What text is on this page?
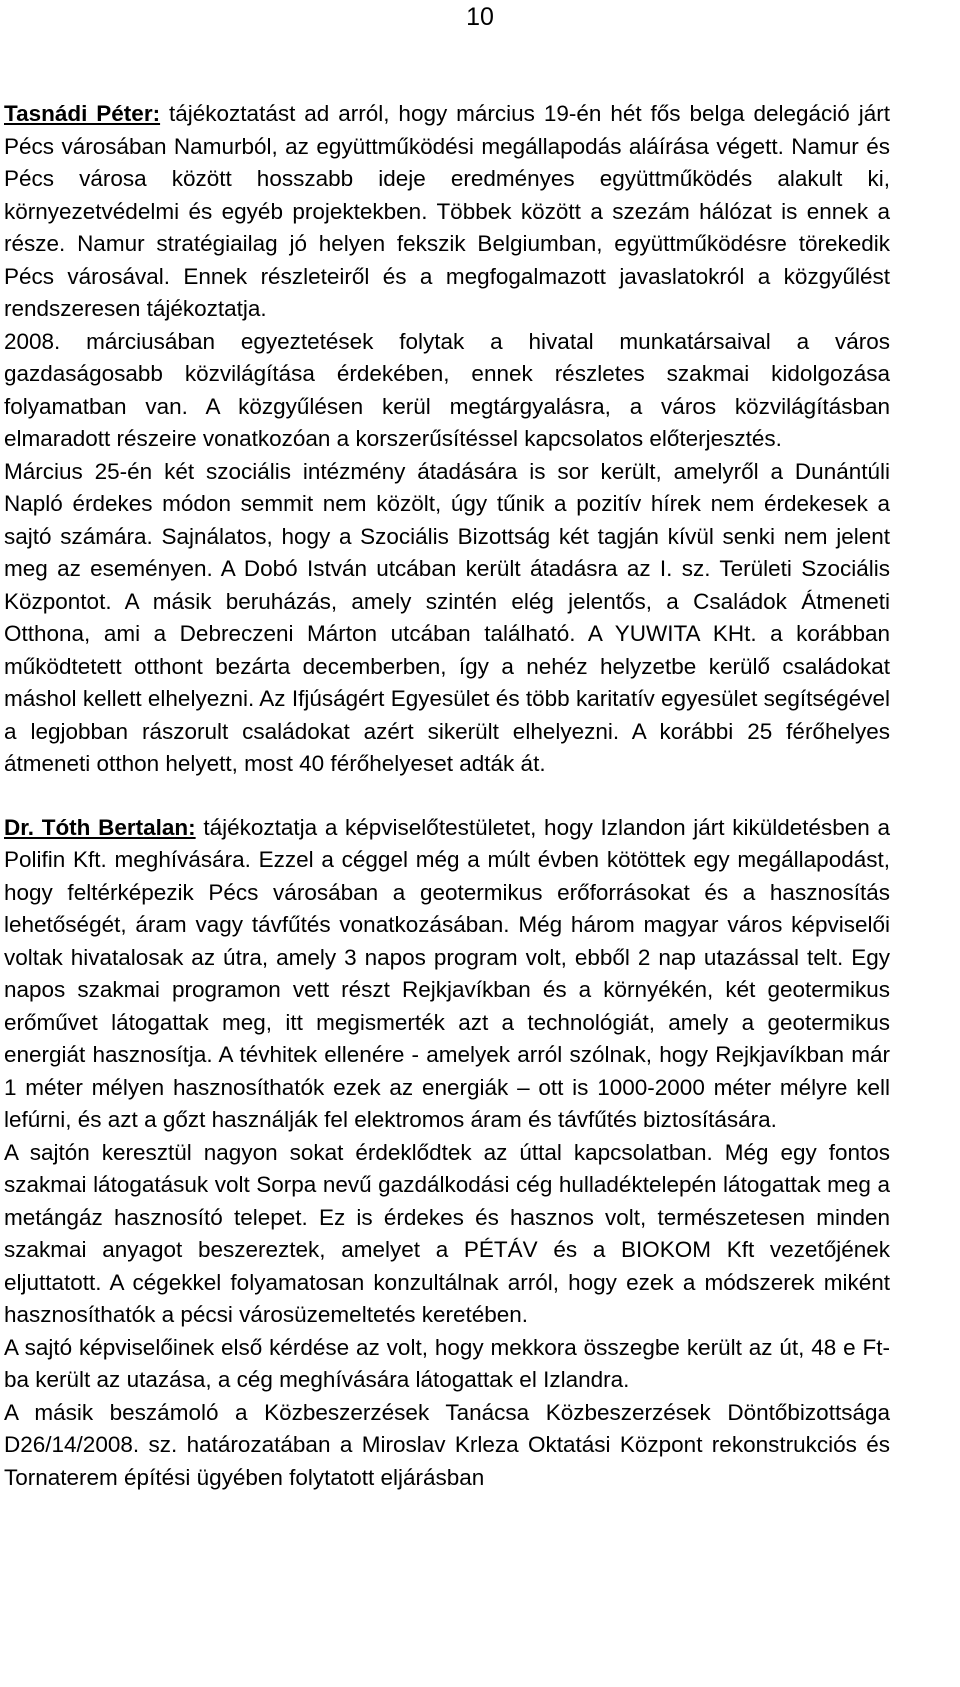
10

Tasnádi Péter: tájékoztatást ad arról, hogy március 19-én hét fős belga delegáció járt Pécs városában Namurból, az együttműködési megállapodás aláírása végett. Namur és Pécs városa között hosszabb ideje eredményes együttműködés alakult ki, környezetvédelmi és egyéb projektekben. Többek között a szezám hálózat is ennek a része. Namur stratégiailag jó helyen fekszik Belgiumban, együttműködésre törekedik Pécs városával. Ennek részleteiről és a megfogalmazott javaslatokról a közgyűlést rendszeresen tájékoztatja.

2008. márciusában egyeztetések folytak a hivatal munkatársaival a város gazdaságosabb közvilágítása érdekében, ennek részletes szakmai kidolgozása folyamatban van. A közgyűlésen kerül megtárgyalásra, a város közvilágításban elmaradott részeire vonatkozóan a korszerűsítéssel kapcsolatos előterjesztés.

Március 25-én két szociális intézmény átadására is sor került, amelyről a Dunántúli Napló érdekes módon semmit nem közölt, úgy tűnik a pozitív hírek nem érdekesek a sajtó számára. Sajnálatos, hogy a Szociális Bizottság két tagján kívül senki nem jelent meg az eseményen. A Dobó István utcában került átadásra az I. sz. Területi Szociális Központot. A másik beruházás, amely szintén elég jelentős, a Családok Átmeneti Otthona, ami a Debreczeni Márton utcában található. A YUWITA KHt. a korábban működtetett otthont bezárta decemberben, így a nehéz helyzetbe kerülő családokat máshol kellett elhelyezni. Az Ifjúságért Egyesület és több karitatív egyesület segítségével a legjobban rászorult családokat azért sikerült elhelyezni. A korábbi 25 férőhelyes átmeneti otthon helyett, most 40 férőhelyeset adták át.

Dr. Tóth Bertalan: tájékoztatja a képviselőtestületet, hogy Izlandon járt kiküldetésben a Polifin Kft. meghívására. Ezzel a céggel még a múlt évben kötöttek egy megállapodást, hogy feltérképezik Pécs városában a geotermikus erőforrásokat és a hasznosítás lehetőségét, áram vagy távfűtés vonatkozásában. Még három magyar város képviselői voltak hivatalosak az útra, amely 3 napos program volt, ebből 2 nap utazással telt. Egy napos szakmai programon vett részt Rejkjavíkban és a környékén, két geotermikus erőművet látogattak meg, itt megismerték azt a technológiát, amely a geotermikus energiát hasznosítja. A tévhitek ellenére - amelyek arról szólnak, hogy Rejkjavíkban már 1 méter mélyen hasznosíthatók ezek az energiák – ott is 1000-2000 méter mélyre kell lefúrni, és azt a gőzt használják fel elektromos áram és távfűtés biztosítására.

A sajtón keresztül nagyon sokat érdeklődtek az úttal kapcsolatban. Még egy fontos szakmai látogatásuk volt Sorpa nevű gazdálkodási cég hulladéktelepén látogattak meg a metángáz hasznosító telepet. Ez is érdekes és hasznos volt, természetesen minden szakmai anyagot beszereztek, amelyet a PÉTÁV és a BIOKOM Kft vezetőjének eljuttatott. A cégekkel folyamatosan konzultálnak arról, hogy ezek a módszerek miként hasznosíthatók a pécsi városüzemeltetés keretében.

A sajtó képviselőinek első kérdése az volt, hogy mekkora összegbe került az út, 48 e Ft-ba került az utazása, a cég meghívására látogattak el Izlandra.

A másik beszámoló a Közbeszerzések Tanácsa Közbeszerzések Döntőbizottsága D26/14/2008. sz. határozatában a Miroslav Krleza Oktatási Központ rekonstrukciós és Tornaterem építési ügyében folytatott eljárásban
